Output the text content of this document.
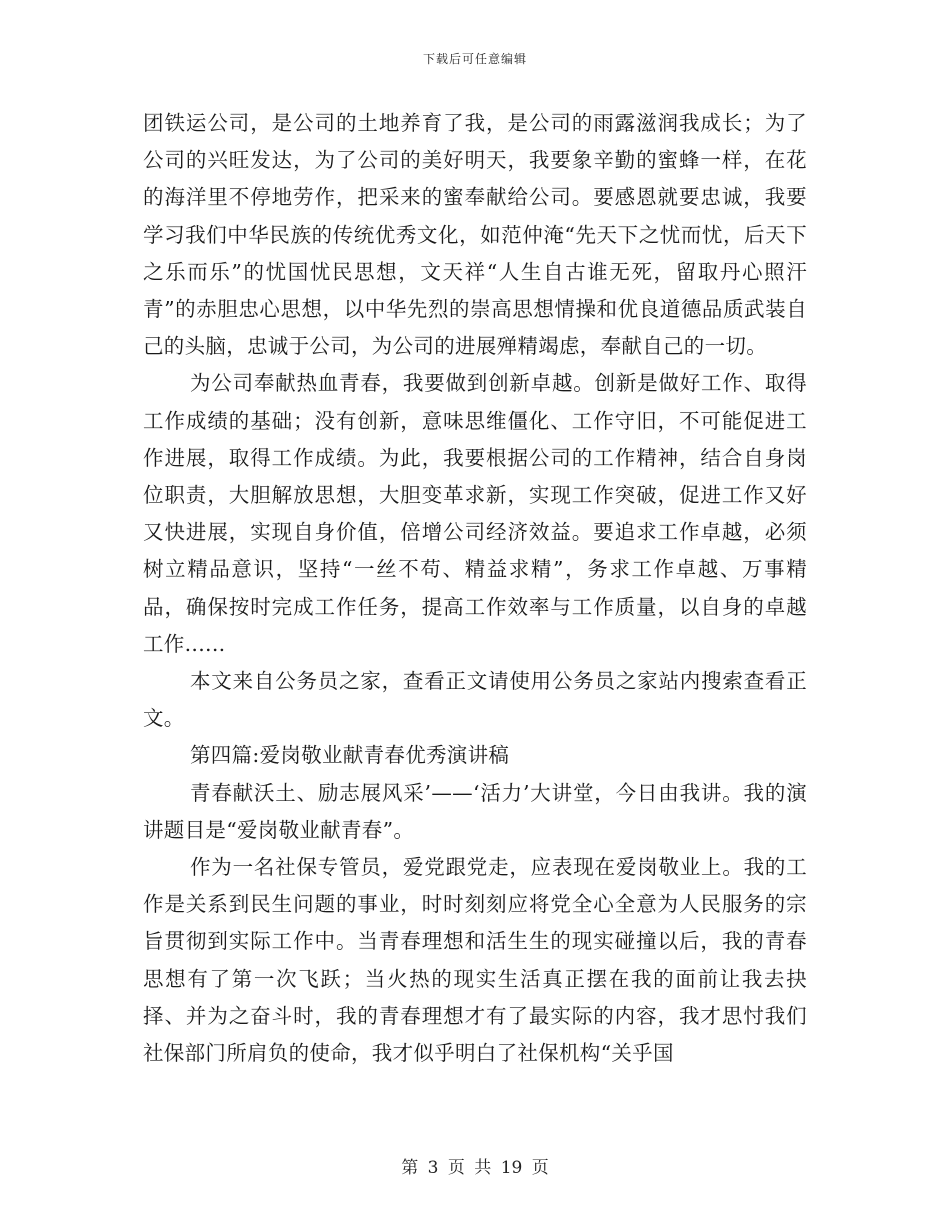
下载后可任意编辑

团铁运公司，是公司的土地养育了我，是公司的雨露滋润我成长；为了公司的兴旺发达，为了公司的美好明天，我要象辛勤的蜜蜂一样，在花的海洋里不停地劳作，把采来的蜜奉献给公司。要感恩就要忠诚，我要学习我们中华民族的传统优秀文化，如范仲淹“先天下之忧而忧，后天下之乐而乐”的忧国忧民思想，文天祥“人生自古谁无死，留取丹心照汗青”的赤胆忠心思想，以中华先烈的崇高思想情操和优良道德品质武装自己的头脑，忠诚于公司，为公司的进展殚精竭虑，奉献自己的一切。

为公司奉献热血青春，我要做到创新卓越。创新是做好工作、取得工作成绩的基础；没有创新，意味思维僵化、工作守旧，不可能促进工作进展，取得工作成绩。为此，我要根据公司的工作精神，结合自身岗位职责，大胆解放思想，大胆变革求新，实现工作突破，促进工作又好又快进展，实现自身价值，倍增公司经济效益。要追求工作卓越，必须树立精品意识，坚持“一丝不苟、精益求精”，务求工作卓越、万事精品，确保按时完成工作任务，提高工作效率与工作质量，以自身的卓越工作......

本文来自公务员之家，查看正文请使用公务员之家站内搜索查看正文。

第四篇:爱岗敬业献青春优秀演讲稿

青春献沃土、励志展风采’——‘活力’大讲堂，今日由我讲。我的演讲题目是“爱岗敬业献青春”。

作为一名社保专管员，爱党跟党走，应表现在爱岗敬业上。我的工作是关系到民生问题的事业，时时刻刻应将党全心全意为人民服务的宗旨贯彻到实际工作中。当青春理想和活生生的现实碰撞以后，我的青春思想有了第一次飞跃；当火热的现实生活真正摆在我的面前让我去抉择、并为之奋斗时，我的青春理想才有了最实际的内容，我才思忖我们社保部门所肩负的使命，我才似乎明白了社保机构“关乎国

第 3 页 共 19 页
